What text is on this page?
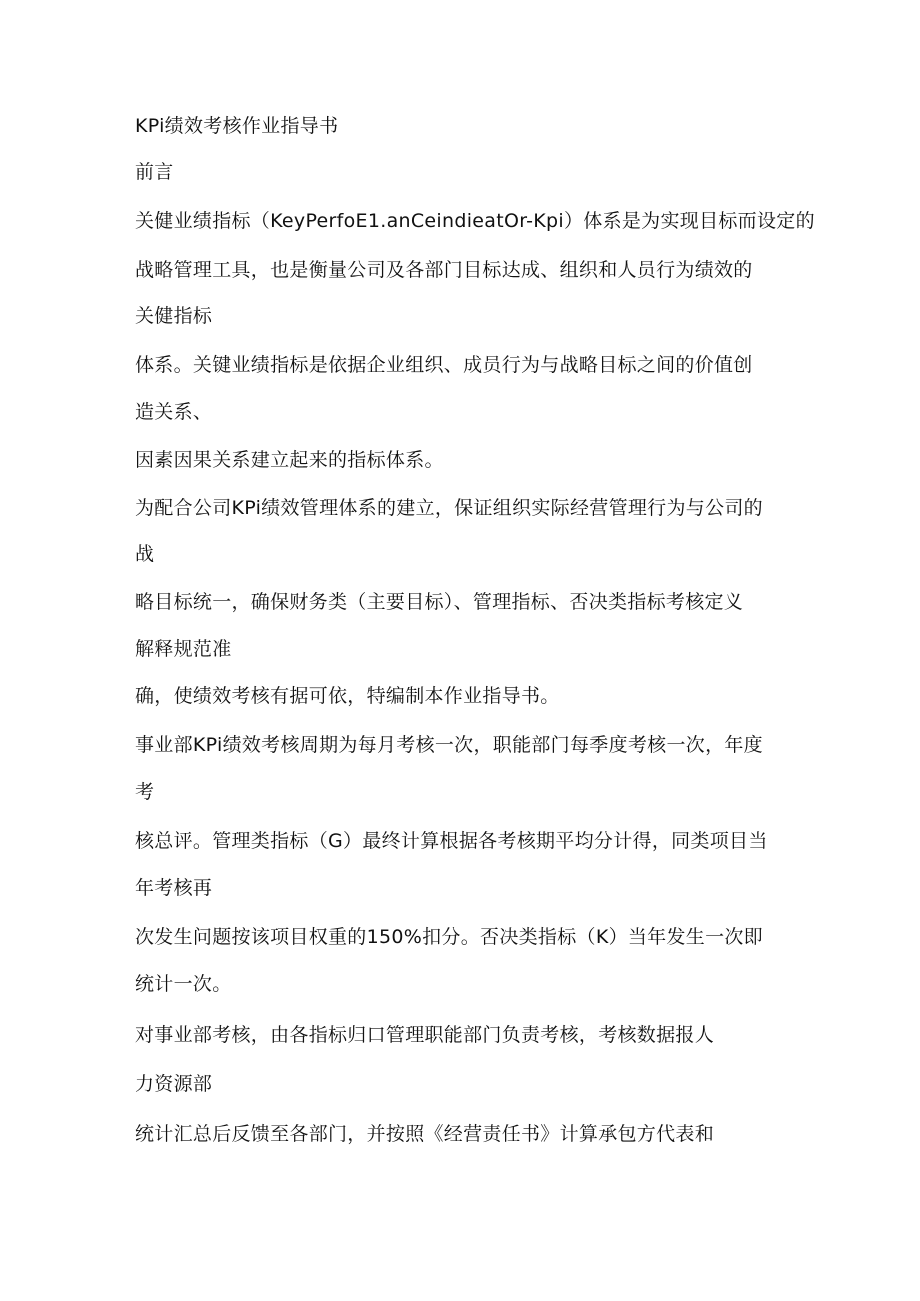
KPi绩效考核作业指导书

前言

关健业绩指标（KeyPerfoE1.anCeindieatOr-Kpi）体系是为实现目标而设定的

战略管理工具，也是衡量公司及各部门目标达成、组织和人员行为绩效的

关健指标

体系。关键业绩指标是依据企业组织、成员行为与战略目标之间的价值创

造关系、

因素因果关系建立起来的指标体系。

为配合公司KPi绩效管理体系的建立，保证组织实际经营管理行为与公司的

战

略目标统一，确保财务类（主要目标）、管理指标、否决类指标考核定义

解释规范准

确，使绩效考核有据可依，特编制本作业指导书。

事业部KPi绩效考核周期为每月考核一次，职能部门每季度考核一次，年度

考

核总评。管理类指标（G）最终计算根据各考核期平均分计得，同类项目当

年考核再

次发生问题按该项目权重的150%扣分。否决类指标（K）当年发生一次即

统计一次。

对事业部考核，由各指标归口管理职能部门负责考核，考核数据报人

力资源部

统计汇总后反馈至各部门，并按照《经营责任书》计算承包方代表和
